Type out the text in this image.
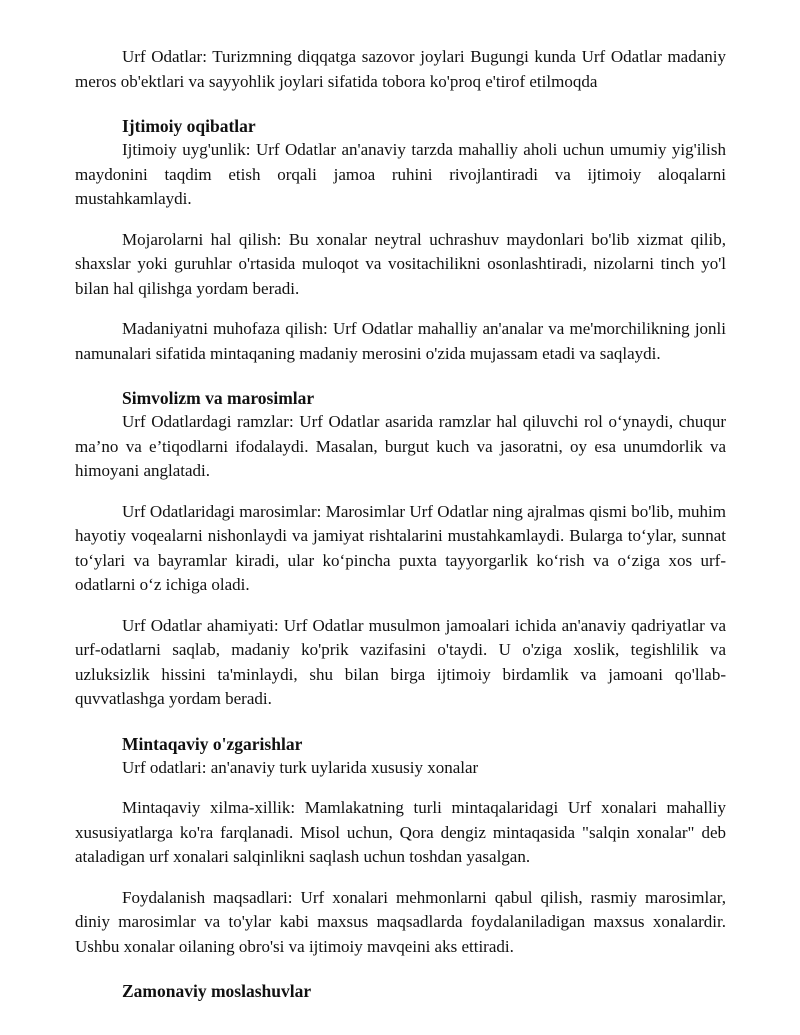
Urf Odatlar: Turizmning diqqatga sazovor joylari Bugungi kunda Urf Odatlar madaniy meros ob'ektlari va sayyohlik joylari sifatida tobora ko'proq e'tirof etilmoqda

Ijtimoiy oqibatlar

Ijtimoiy uyg'unlik: Urf Odatlar an'anaviy tarzda mahalliy aholi uchun umumiy yig'ilish maydonini taqdim etish orqali jamoa ruhini rivojlantiradi va ijtimoiy aloqalarni mustahkamlaydi.

Mojarolarni hal qilish: Bu xonalar neytral uchrashuv maydonlari bo'lib xizmat qilib, shaxslar yoki guruhlar o'rtasida muloqot va vositachilikni osonlashtiradi, nizolarni tinch yo'l bilan hal qilishga yordam beradi.

Madaniyatni muhofaza qilish: Urf Odatlar mahalliy an'analar va me'morchilikning jonli namunalari sifatida mintaqaning madaniy merosini o'zida mujassam etadi va saqlaydi.

Simvolizm va marosimlar

Urf Odatlardagi ramzlar: Urf Odatlar asarida ramzlar hal qiluvchi rol o‘ynaydi, chuqur ma’no va e’tiqodlarni ifodalaydi. Masalan, burgut kuch va jasoratni, oy esa unumdorlik va himoyani anglatadi.

Urf Odatlaridagi marosimlar: Marosimlar Urf Odatlar ning ajralmas qismi bo'lib, muhim hayotiy voqealarni nishonlaydi va jamiyat rishtalarini mustahkamlaydi. Bularga to‘ylar, sunnat to‘ylari va bayramlar kiradi, ular ko‘pincha puxta tayyorgarlik ko‘rish va o‘ziga xos urf-odatlarni o‘z ichiga oladi.

Urf Odatlar ahamiyati: Urf Odatlar musulmon jamoalari ichida an'anaviy qadriyatlar va urf-odatlarni saqlab, madaniy ko'prik vazifasini o'taydi. U o'ziga xoslik, tegishlilik va uzluksizlik hissini ta'minlaydi, shu bilan birga ijtimoiy birdamlik va jamoani qo'llab-quvvatlashga yordam beradi.

Mintaqaviy o'zgarishlar

Urf odatlari: an'anaviy turk uylarida xususiy xonalar

Mintaqaviy xilma-xillik: Mamlakatning turli mintaqalaridagi Urf xonalari mahalliy xususiyatlarga ko'ra farqlanadi. Misol uchun, Qora dengiz mintaqasida "salqin xonalar" deb ataladigan urf xonalari salqinlikni saqlash uchun toshdan yasalgan.

Foydalanish maqsadlari: Urf xonalari mehmonlarni qabul qilish, rasmiy marosimlar, diniy marosimlar va to'ylar kabi maxsus maqsadlarda foydalaniladigan maxsus xonalardir. Ushbu xonalar oilaning obro'si va ijtimoiy mavqeini aks ettiradi.

Zamonaviy moslashuvlar
